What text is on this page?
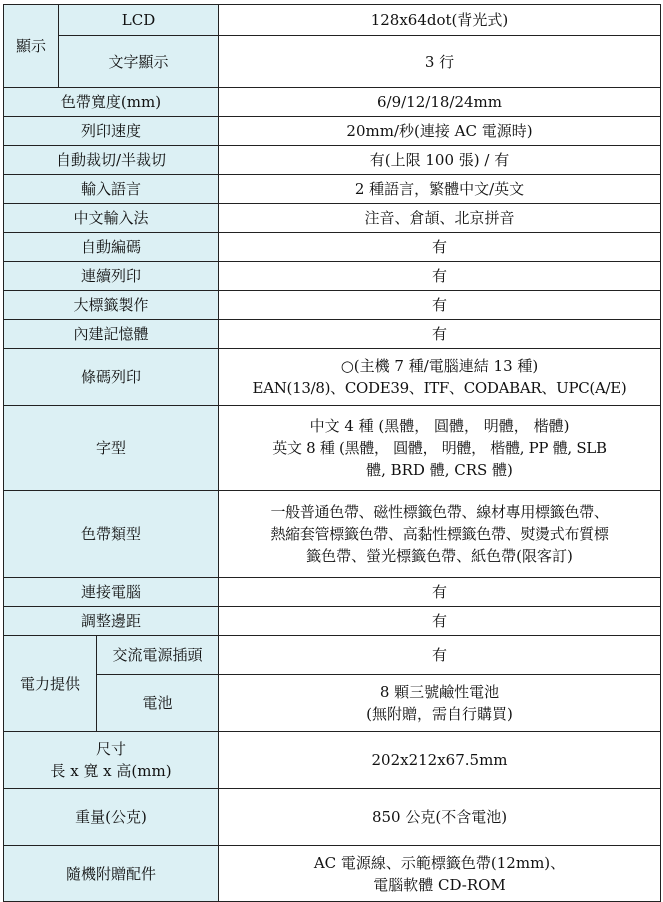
顯示	LCD		128x64dot(背光式)
	文字顯示		3 行
色帶寬度(mm)			6/9/12/18/24mm
列印速度			20mm/秒(連接 AC 電源時)
自動裁切/半裁切			有(上限 100 張) / 有
輸入語言			2 種語言，繁體中文/英文
中文輸入法			注音、倉頡、北京拼音
自動編碼			有
連續列印			有
大標籤製作			有
內建記憶體			有
條碼列印			○(主機 7 種/電腦連結 13 種)
EAN(13/8)、CODE39、ITF、CODABAR、UPC(A/E)

字型			中文 4 種 (黑體， 圓體， 明體， 楷體)
英文 8 種 (黑體， 圓體， 明體， 楷體, PP 體, SLB
體, BRD 體, CRS 體)

色帶類型			一般普通色帶、磁性標籤色帶、線材專用標籤色帶、
熱縮套管標籤色帶、高黏性標籤色帶、熨燙式布質標
籤色帶、螢光標籤色帶、紙色帶(限客訂)

連接電腦			有
調整邊距			有
電力提供		交流電源插頭	有
		電池	8 顆三號鹼性電池
(無附贈，需自行購買)

尺寸
長 x 寬 x 高(mm)			202x212x67.5mm
重量(公克)			850 公克(不含電池)
隨機附贈配件			AC 電源線、示範標籤色帶(12mm)、
電腦軟體 CD-ROM
